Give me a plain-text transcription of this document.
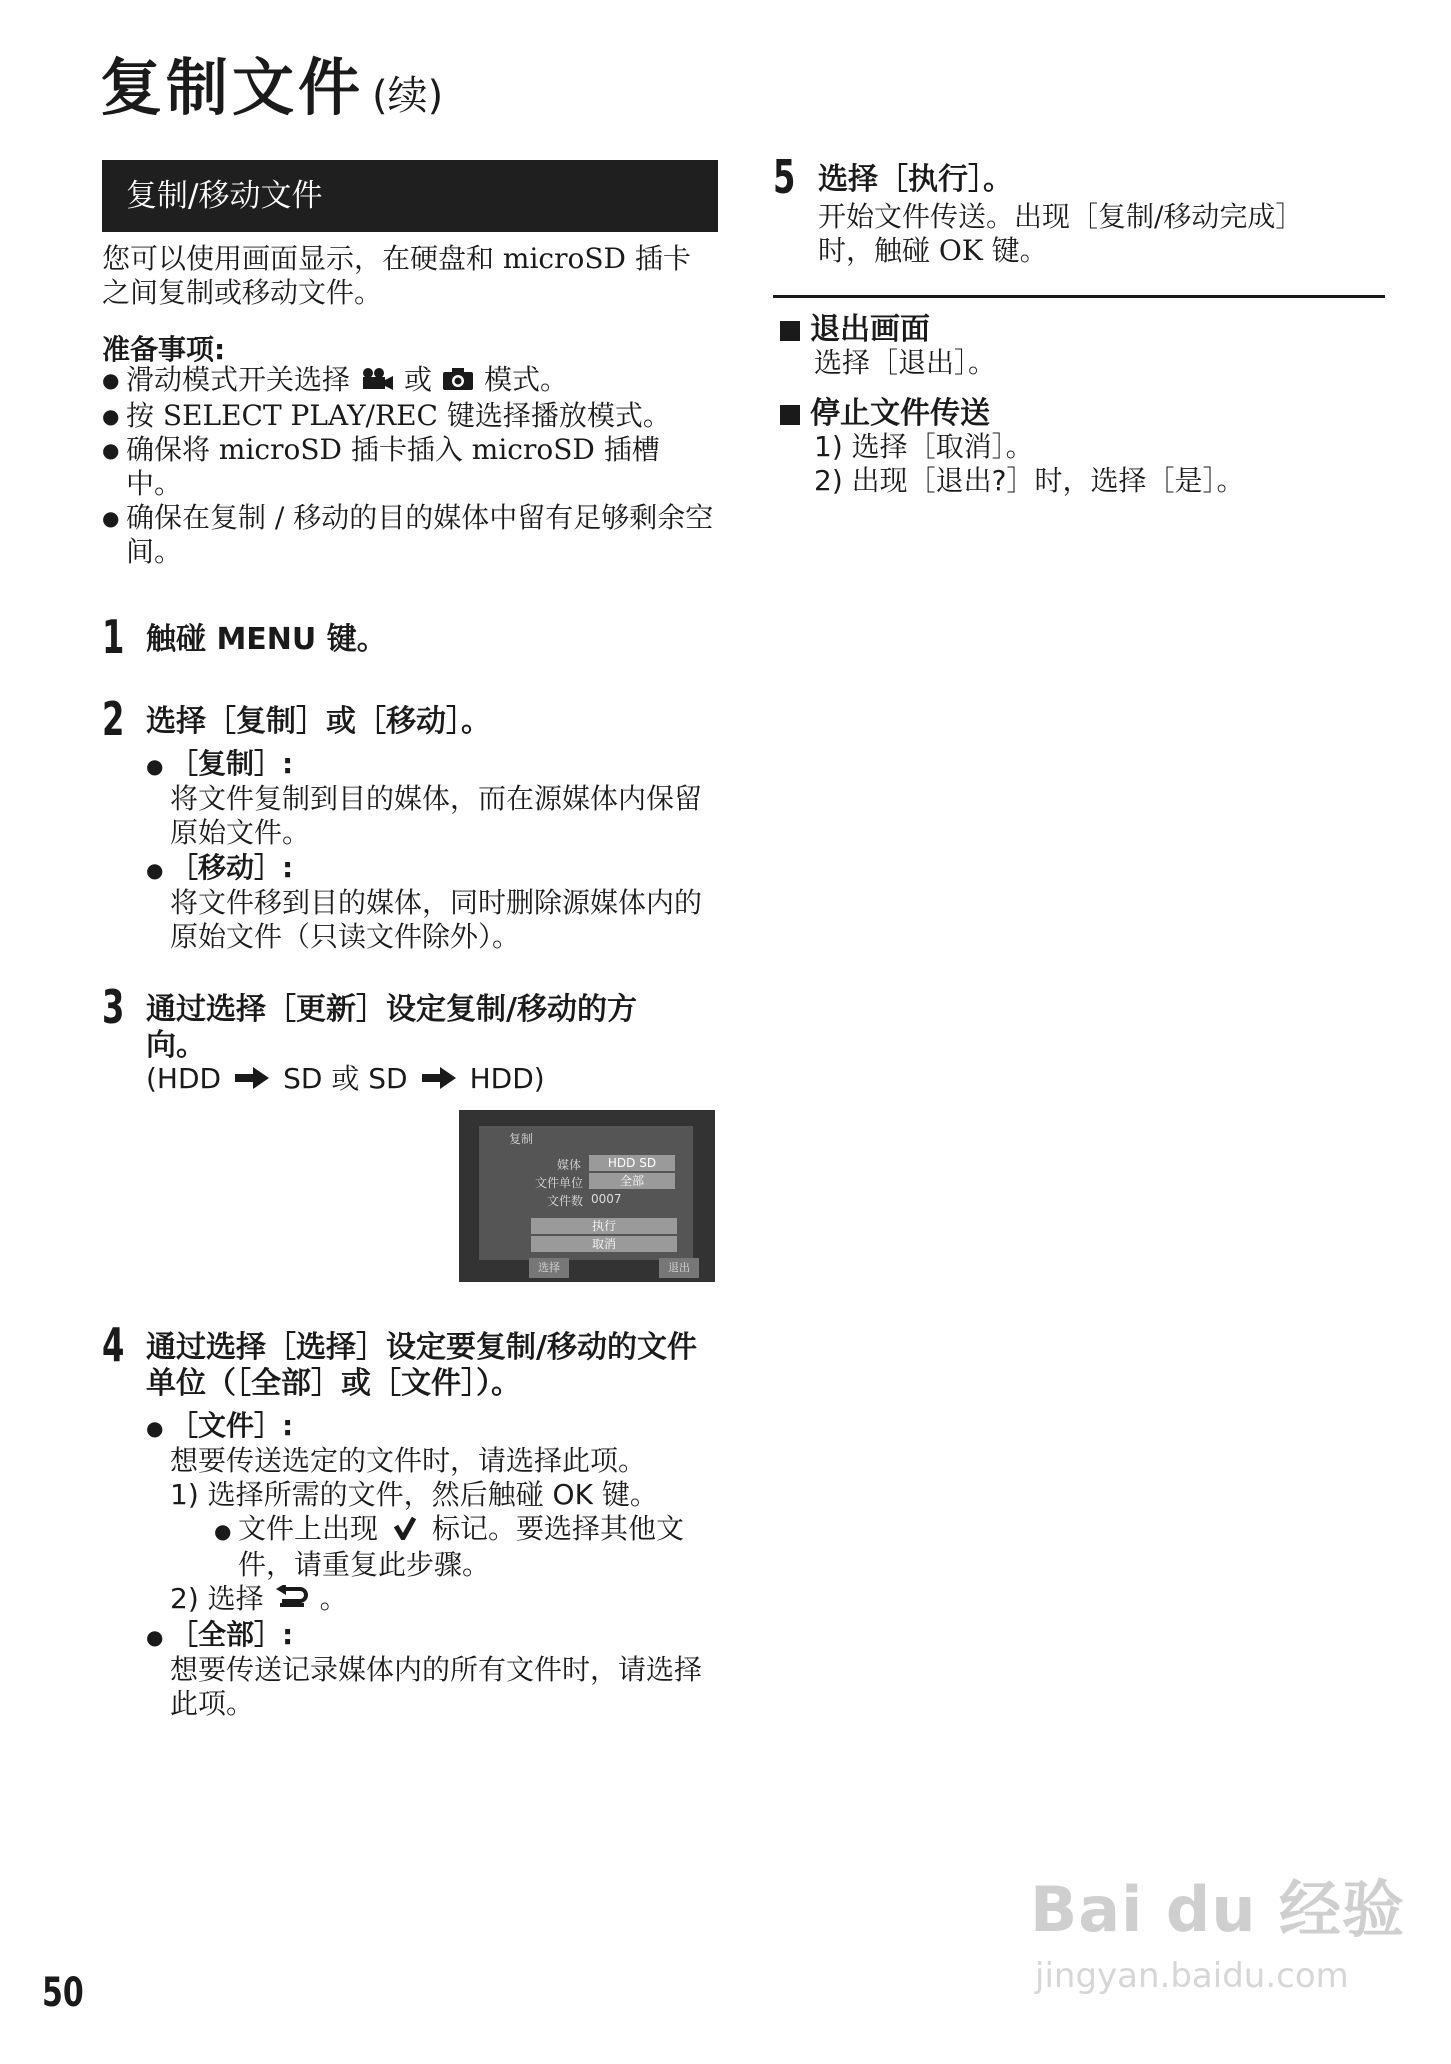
复制文件 (续)
复制/移动文件
您可以使用画面显示，在硬盘和 microSD 插卡之间复制或移动文件。
准备事项:
● 滑动模式开关选择 或 模式。
● 按 SELECT PLAY/REC 键选择播放模式。
● 确保将 microSD 插卡插入 microSD 插槽中。
● 确保在复制 / 移动的目的媒体中留有足够剩余空间。
1 触碰 MENU 键。
2 选择［复制］或［移动］。
● ［复制］:
将文件复制到目的媒体，而在源媒体内保留原始文件。
● ［移动］:
将文件移到目的媒体，同时删除源媒体内的原始文件（只读文件除外）。
3 通过选择［更新］设定复制/移动的方向。
(HDD SD 或 SD HDD)
复制
媒体	HDD SD
文件单位	全部
文件数 0007
执行
取消
选择	退出
4 通过选择［选择］设定要复制/移动的文件单位（［全部］或［文件］）。
● ［文件］:
想要传送选定的文件时，请选择此项。
1) 选择所需的文件，然后触碰 OK 键。
● 文件上出现 标记。要选择其他文件，请重复此步骤。
2) 选择 。
● ［全部］:
想要传送记录媒体内的所有文件时，请选择此项。
5 选择［执行］。
开始文件传送。出现［复制/移动完成］时，触碰 OK 键。
退出画面
选择［退出］。
停止文件传送
1) 选择［取消］。
2) 出现［退出?］时，选择［是］。
50
Bai du 经验
jingyan.baidu.com
